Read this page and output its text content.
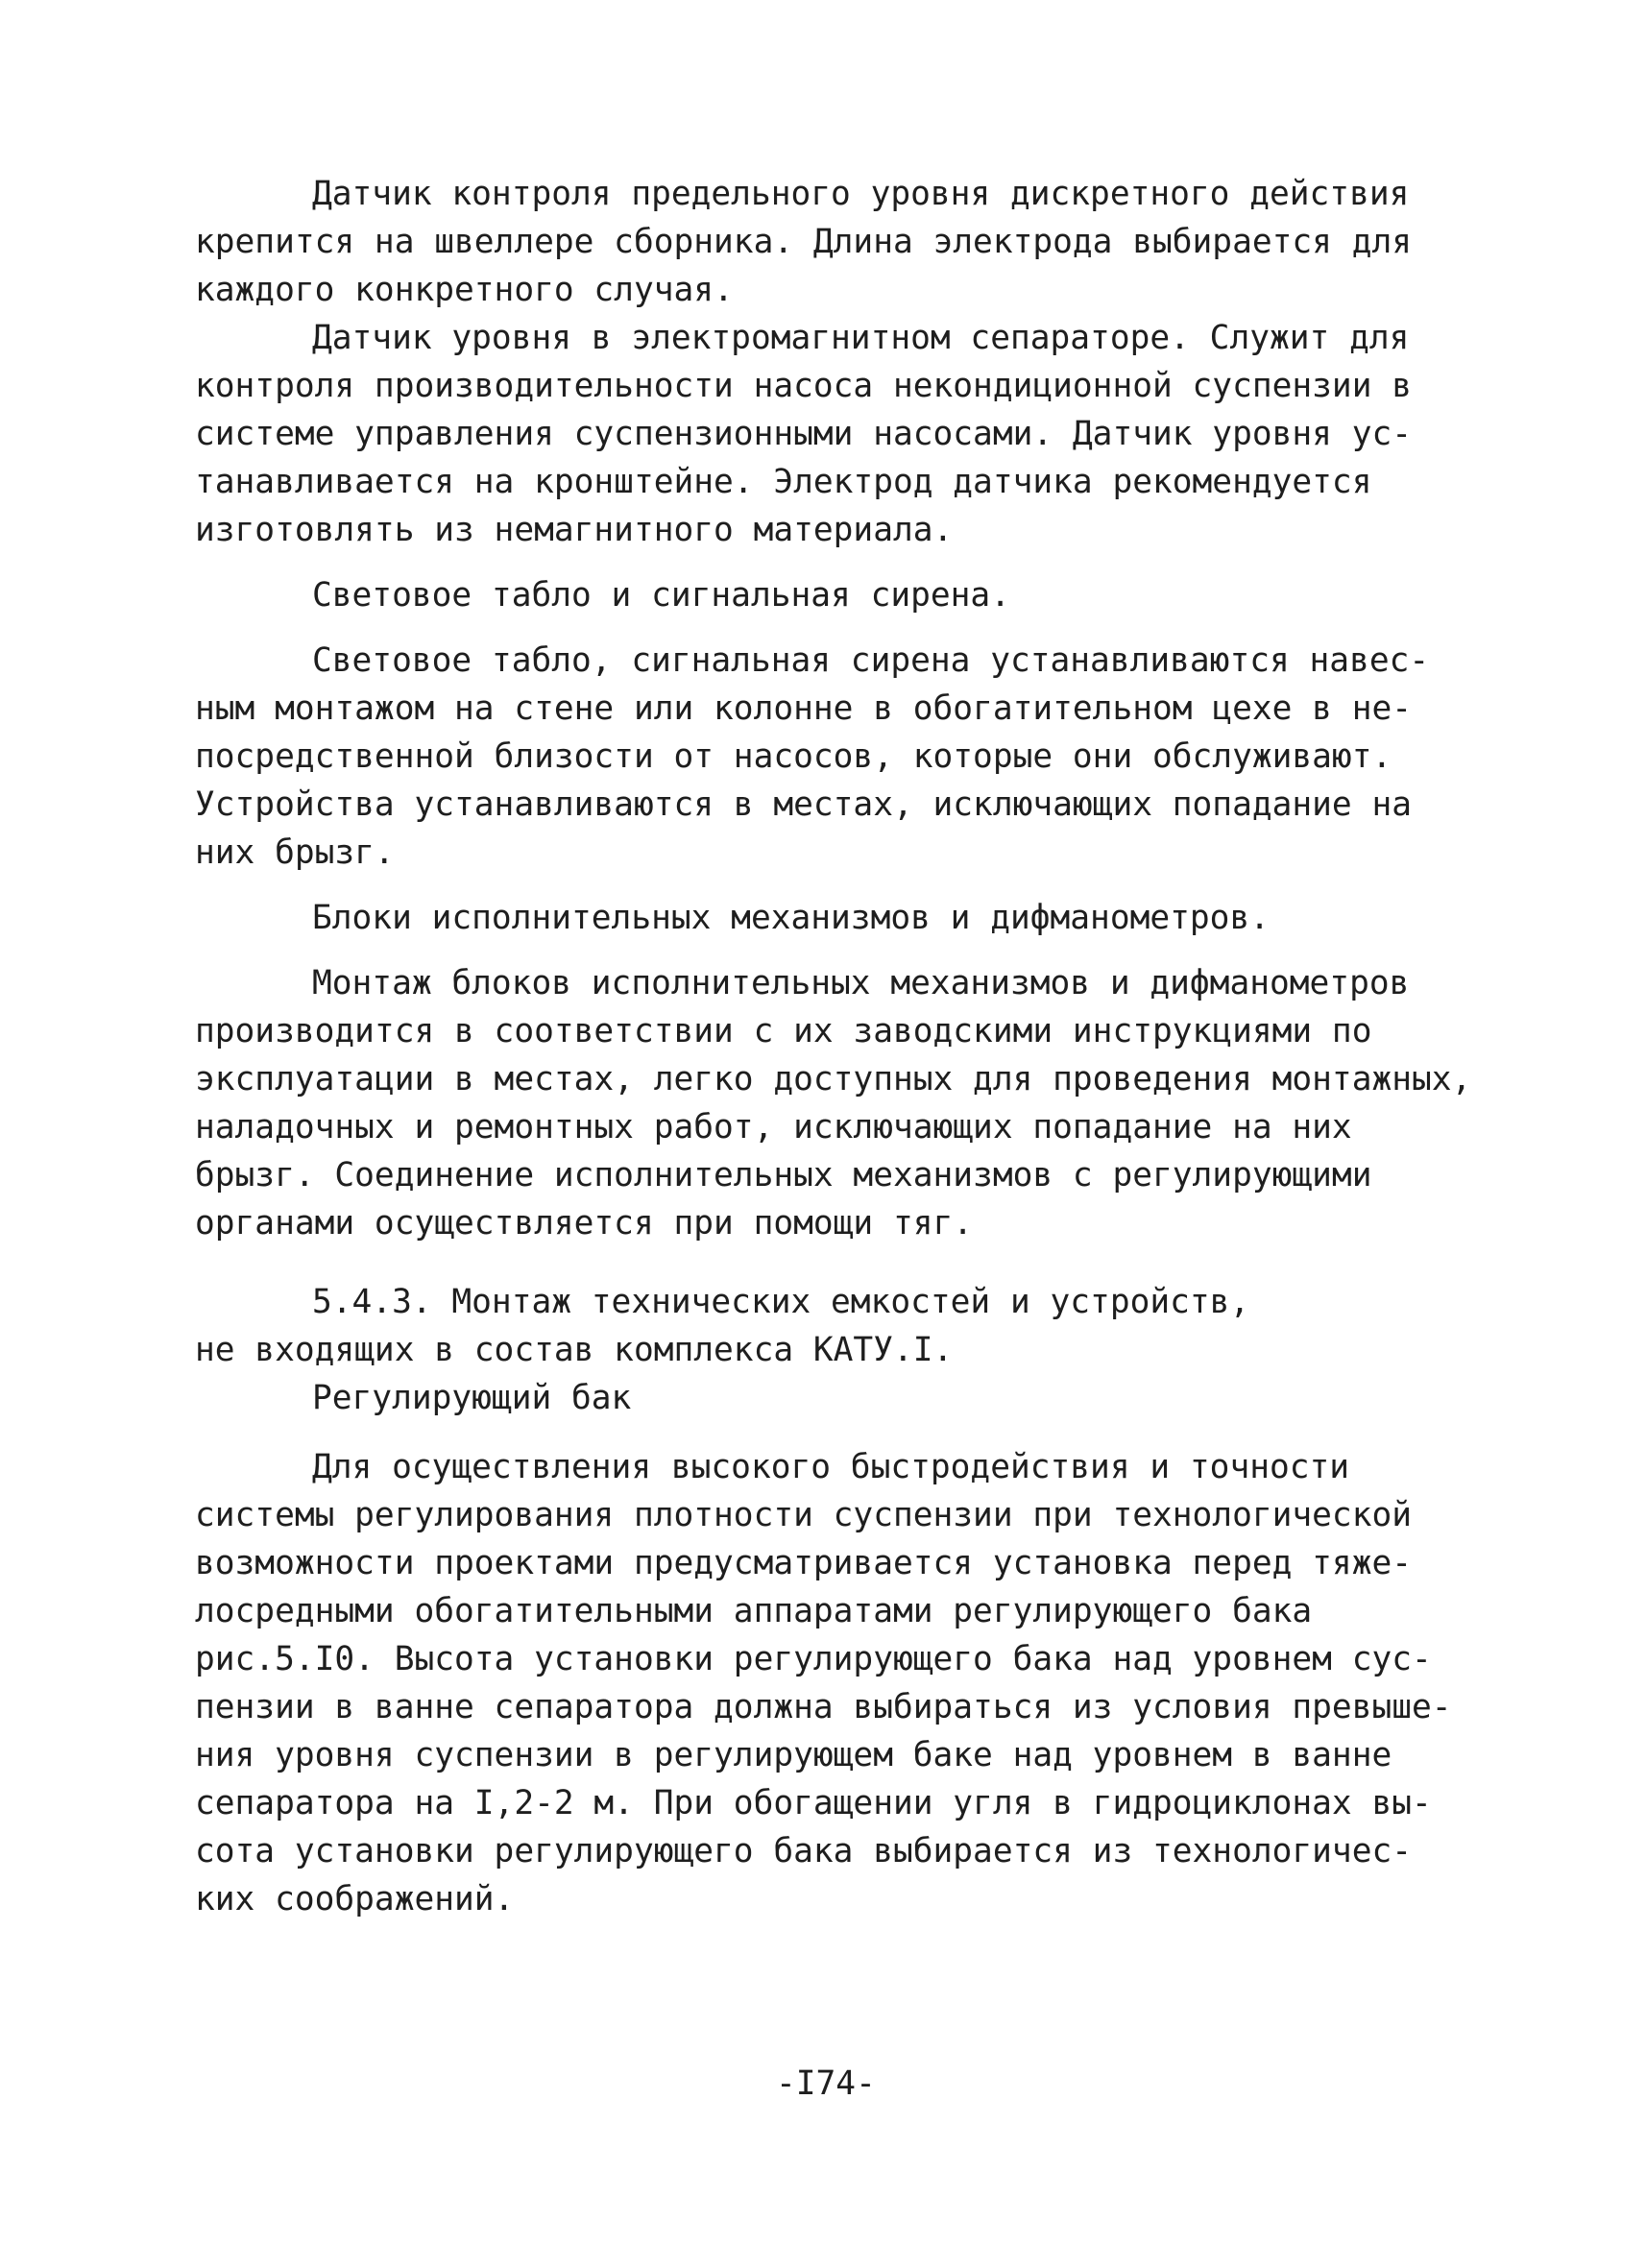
Датчик контроля предельного уровня дискретного действия
крепится на швеллере сборника. Длина электрода выбирается для
каждого конкретного случая.
Датчик уровня в электромагнитном сепараторе. Служит для
контроля производительности насоса некондиционной суспензии в
системе управления суспензионными насосами. Датчик уровня ус-
танавливается на кронштейне. Электрод датчика рекомендуется
изготовлять из немагнитного материала.
Световое табло и сигнальная сирена.
Световое табло, сигнальная сирена устанавливаются навес-
ным монтажом на стене или колонне в обогатительном цехе в не-
посредственной близости от насосов, которые они обслуживают.
Устройства устанавливаются в местах, исключающих попадание на
них брызг.
Блоки исполнительных механизмов и дифманометров.
Монтаж блоков исполнительных механизмов и дифманометров
производится в соответствии с их заводскими инструкциями по
эксплуатации в местах, легко доступных для проведения монтажных,
наладочных и ремонтных работ, исключающих попадание на них
брызг. Соединение исполнительных механизмов с регулирующими
органами осуществляется при помощи тяг.
5.4.3. Монтаж технических емкостей и устройств,
не входящих в состав комплекса КАТУ.I.
Регулирующий бак
Для осуществления высокого быстродействия и точности
системы регулирования плотности суспензии при технологической
возможности проектами предусматривается установка перед тяже-
лосредными обогатительными аппаратами регулирующего бака
рис.5.I0. Высота установки регулирующего бака над уровнем сус-
пензии в ванне сепаратора должна выбираться из условия превыше-
ния уровня суспензии в регулирующем баке над уровнем в ванне
сепаратора на I,2-2 м. При обогащении угля в гидроциклонах вы-
сота установки регулирующего бака выбирается из технологичес-
ких соображений.
-I74-
